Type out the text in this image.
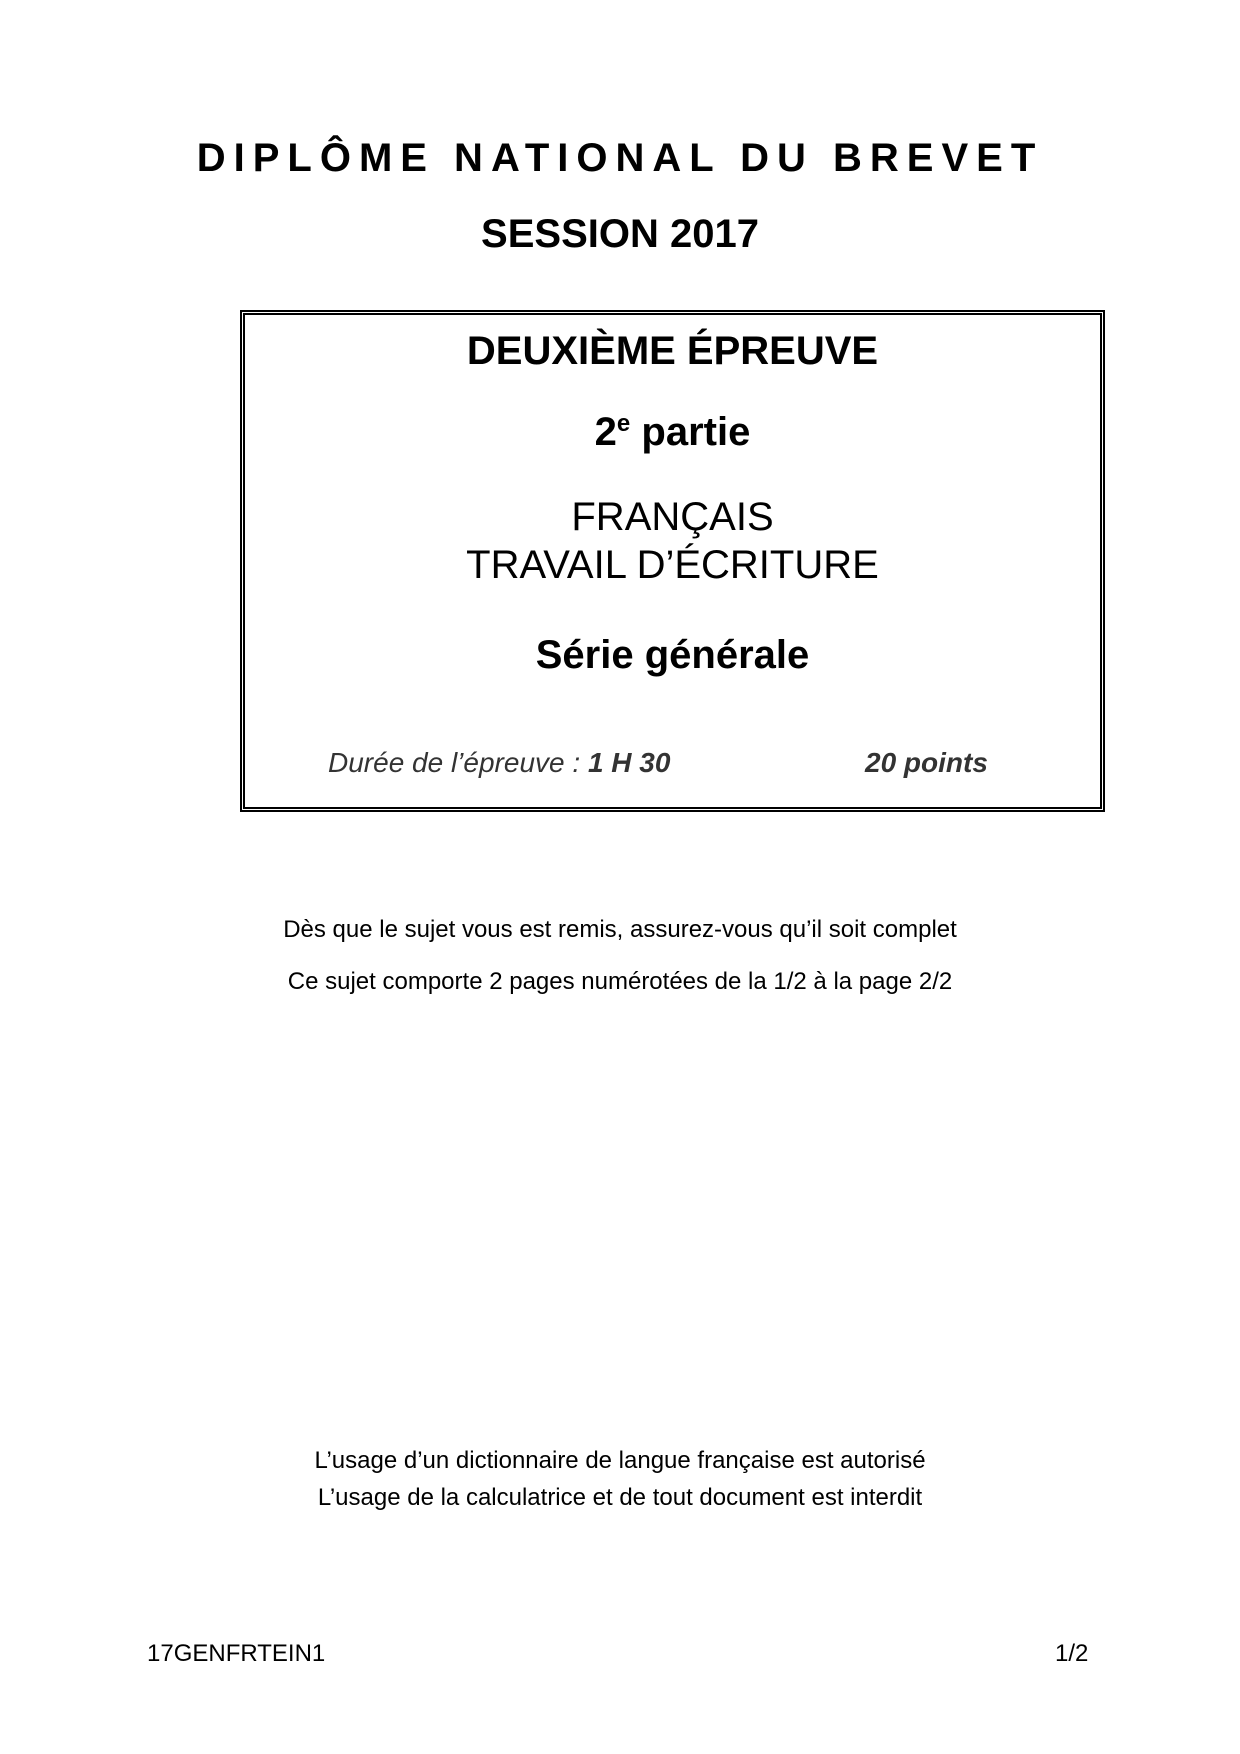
DIPLÔME NATIONAL DU BREVET
SESSION 2017
DEUXIÈME ÉPREUVE
2e partie
FRANÇAIS
TRAVAIL D’ÉCRITURE
Série générale
Durée de l’épreuve : 1 H 30	20 points

Dès que le sujet vous est remis, assurez-vous qu’il soit complet

Ce sujet comporte 2 pages numérotées de la 1/2 à la page 2/2

L’usage d’un dictionnaire de langue française est autorisé

L’usage de la calculatrice et de tout document est interdit

17GENFRTEIN1	1/2
